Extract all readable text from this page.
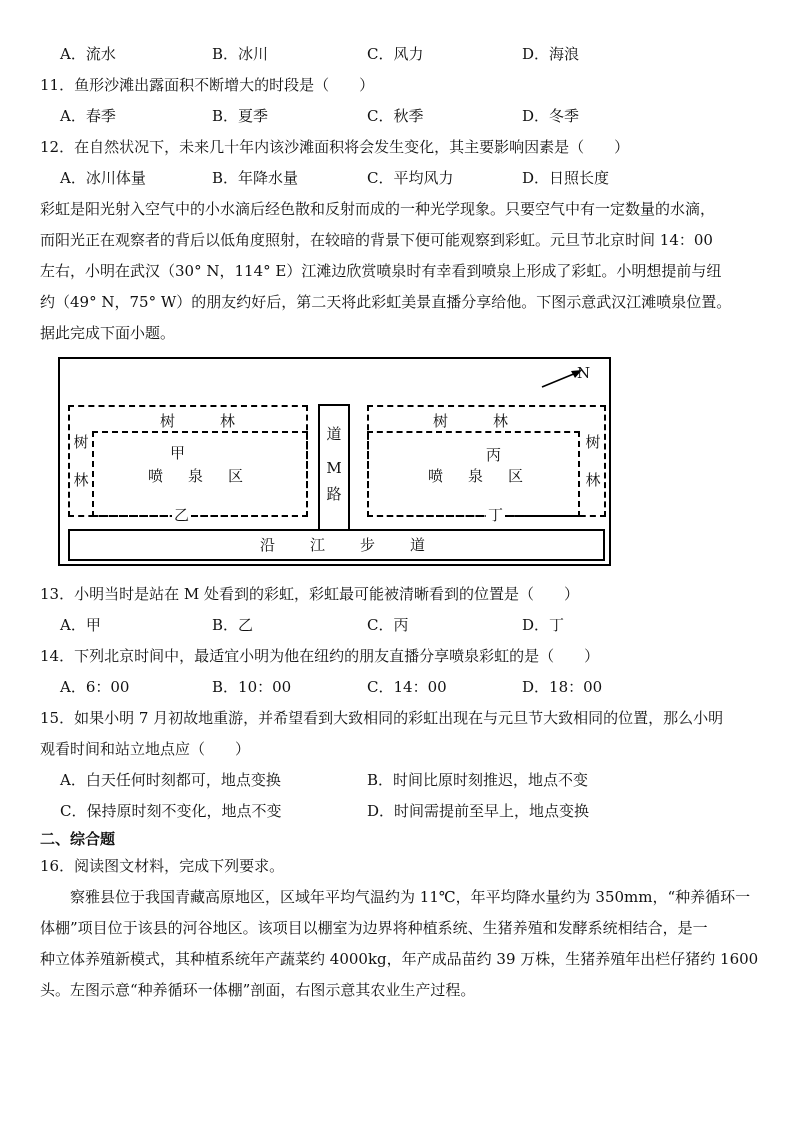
A．流水	B．冰川	C．风力	D．海浪
11．鱼形沙滩出露面积不断增大的时段是（　　）
A．春季	B．夏季	C．秋季	D．冬季
12．在自然状况下，未来几十年内该沙滩面积将会发生变化，其主要影响因素是（　　）
A．冰川体量	B．年降水量	C．平均风力	D．日照长度
彩虹是阳光射入空气中的小水滴后经色散和反射而成的一种光学现象。只要空气中有一定数量的水滴，
而阳光正在观察者的背后以低角度照射，在较暗的背景下便可能观察到彩虹。元旦节北京时间 14：00
左右，小明在武汉（30° N，114° E）江滩边欣赏喷泉时有幸看到喷泉上形成了彩虹。小明想提前与纽
约（49° N，75° W）的朋友约好后，第二天将此彩虹美景直播分享给他。下图示意武汉江滩喷泉位置。
据此完成下面小题。
N
树	林
树
林
甲
喷 泉 区
乙
道
M
路
树	林
树
林
丙
喷 泉 区
丁
沿 江 步 道
13．小明当时是站在 M 处看到的彩虹，彩虹最可能被清晰看到的位置是（　　）
A．甲	B．乙	C．丙	D．丁
14．下列北京时间中，最适宜小明为他在纽约的朋友直播分享喷泉彩虹的是（　　）
A．6：00	B．10：00	C．14：00	D．18：00
15．如果小明 7 月初故地重游，并希望看到大致相同的彩虹出现在与元旦节大致相同的位置，那么小明
观看时间和站立地点应（　　）
A．白天任何时刻都可，地点变换	B．时间比原时刻推迟，地点不变
C．保持原时刻不变化，地点不变	D．时间需提前至早上，地点变换
二、综合题
16．阅读图文材料，完成下列要求。
　　察雅县位于我国青藏高原地区，区域年平均气温约为 11℃，年平均降水量约为 350mm，“种养循环一
体棚”项目位于该县的河谷地区。该项目以棚室为边界将种植系统、生猪养殖和发酵系统相结合，是一
种立体养殖新模式，其种植系统年产蔬菜约 4000kg，年产成品苗约 39 万株，生猪养殖年出栏仔猪约 1600
头。左图示意“种养循环一体棚”剖面，右图示意其农业生产过程。
